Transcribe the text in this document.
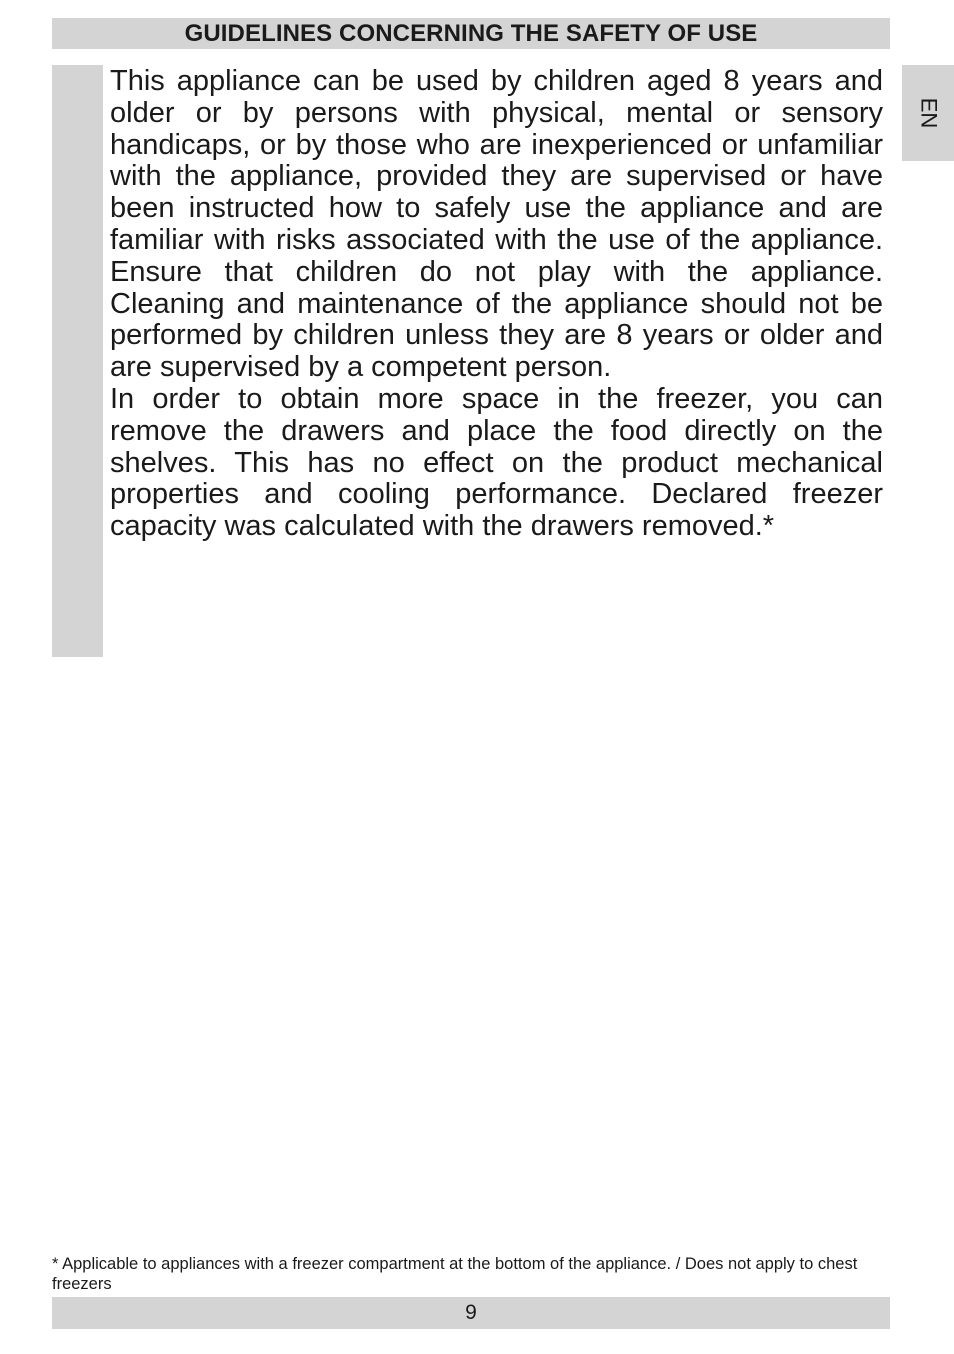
GUIDELINES CONCERNING THE SAFETY OF USE
EN

This appliance can be used by children aged 8 years and older or by persons with physical, mental or sensory handicaps, or by those who are inexperienced or unfamiliar with the appliance, provided they are supervised or have been instructed how to safely use the appliance and are familiar with risks associated with the use of the appliance. Ensure that children do not play with the appliance. Cleaning and maintenance of the appliance should not be performed by children unless they are 8 years or older and are supervised by a competent person.

In order to obtain more space in the freezer, you can remove the drawers and place the food directly on the shelves. This has no effect on the product mechanical properties and cooling performance. Declared freezer capacity was calculated with the drawers removed.*

* Applicable to appliances with a freezer compartment at the bottom of the appliance. / Does not apply to chest freezers
9
